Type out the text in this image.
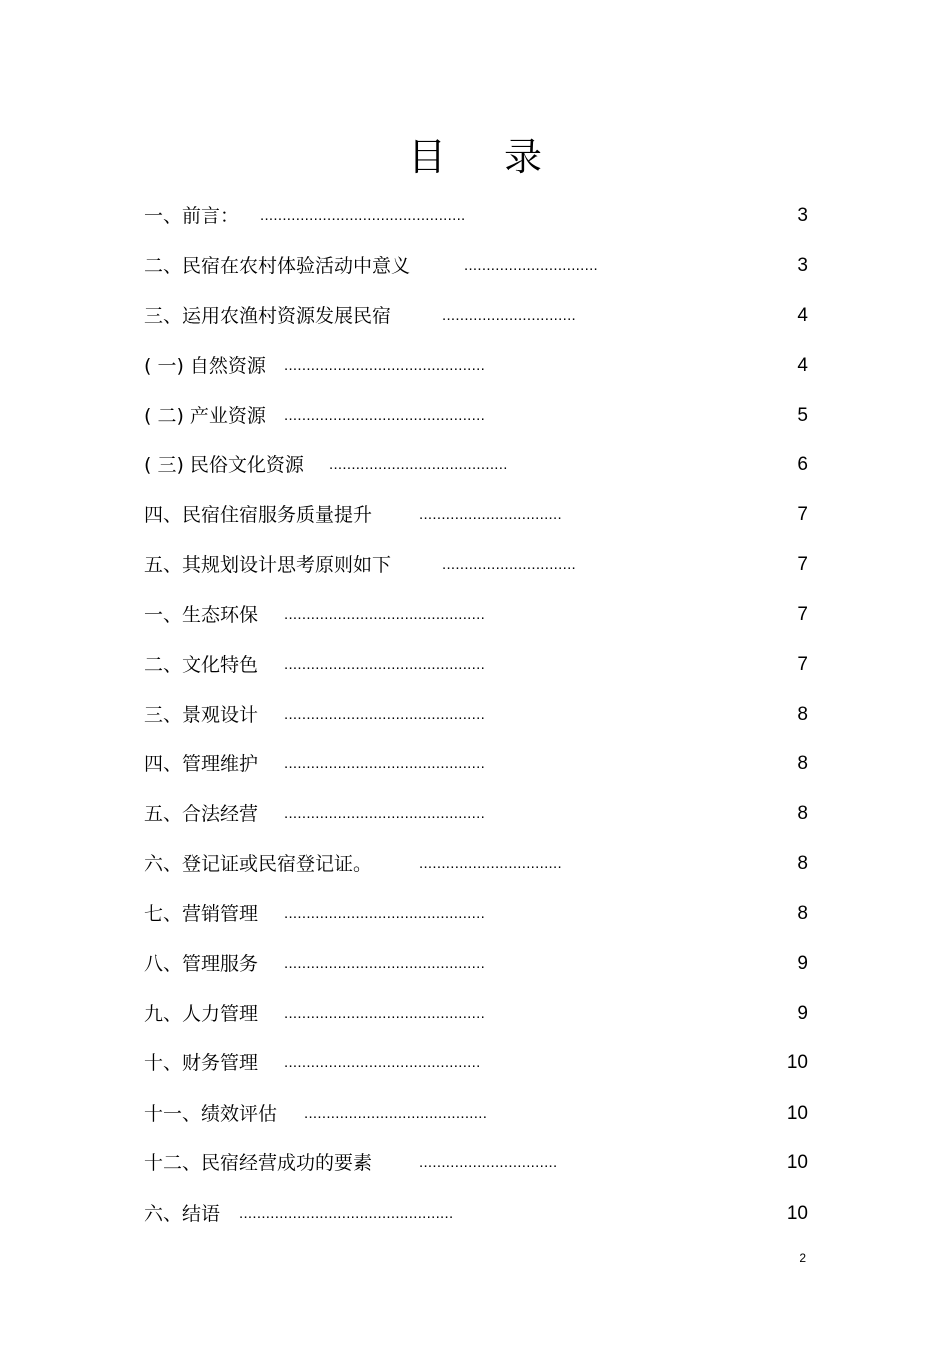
目 录
一、前言： ..............................................	3
二、民宿在农村体验活动中意义	..............................	3
三、运用农渔村资源发展民宿	..............................	4
( 一) 自然资源 .............................................	4
( 二) 产业资源 .............................................	5
( 三) 民俗文化资源 ........................................	6
四、民宿住宿服务质量提升	................................	7
五、其规划设计思考原则如下	..............................	7
一、生态环保 .............................................	7
二、文化特色 .............................................	7
三、景观设计 .............................................	8
四、管理维护 .............................................	8
五、合法经营 .............................................	8
六、登记证或民宿登记证。	................................	8
七、营销管理 .............................................	8
八、管理服务 .............................................	9
九、人力管理 .............................................	9
十、财务管理 ............................................	10
十一、绩效评估 .........................................	10
十二、民宿经营成功的要素	...............................	10
六、结语 ................................................	10
2
